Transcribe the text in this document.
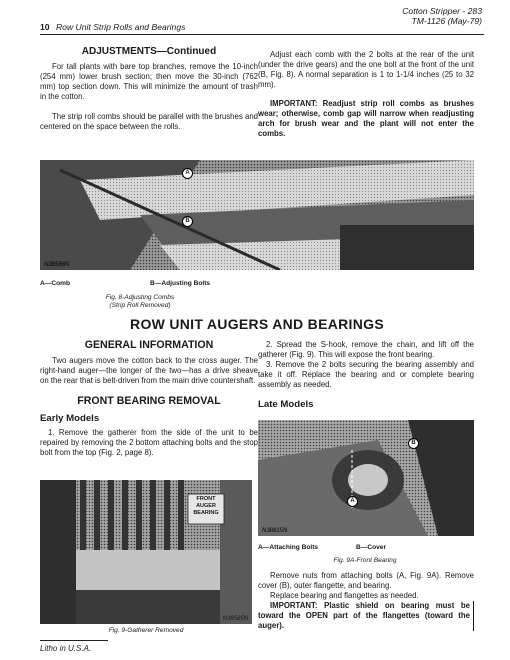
Cotton Stripper - 283
TM-1126 (May-79)
10 Row Unit Strip Rolls and Bearings

ADJUSTMENTS—Continued

For tall plants with bare top branches, remove the 10-inch (254 mm) lower brush section; then move the 30-inch (762 mm) top section down. This will minimize the amount of trash in the cotton.

The strip roll combs should be parallel with the brushes and centered on the space between the rolls.

Adjust each comb with the 2 bolts at the rear of the unit (under the drive gears) and the one bolt at the front of the unit (B, Fig. 8). A normal separation is 1 to 1-1/4 inches (25 to 32 mm).

IMPORTANT: Readjust strip roll combs as brushes wear; otherwise, comb gap will narrow when readjusting arch for brush wear and the plant will not enter the combs.

A
B
N38588N
A—Comb	B—Adjusting Bolts
Fig. 8-Adjusting Combs
(Strip Roll Removed)
ROW UNIT AUGERS AND BEARINGS

GENERAL INFORMATION

Two augers move the cotton back to the cross auger. The right-hand auger—the longer of the two—has a drive sheave on the rear that is belt-driven from the main drive countershaft.

FRONT BEARING REMOVAL

Early Models

1. Remove the gatherer from the side of the unit to be repaired by removing the 2 bottom attaching bolts and the stop bolt from the top (Fig. 2, page 8).

2. Spread the S-hook, remove the chain, and lift off the gatherer (Fig. 9). This will expose the front bearing.

3. Remove the 2 bolts securing the bearing assembly and take it off. Replace the bearing and or complete bearing assembly as needed.

Late Models

FRONT AUGER BEARING
N38585N
Fig. 9-Gatherer Removed
B
A
N38815N
A—Attaching Bolts	B—Cover
Fig. 9A-Front Bearing

Remove nuts from attaching bolts (A, Fig. 9A). Remove cover (B), outer flangette, and bearing.

Replace bearing and flangettes as needed.

IMPORTANT: Plastic shield on bearing must be toward the OPEN part of the flangettes (toward the auger).

Litho in U.S.A.
